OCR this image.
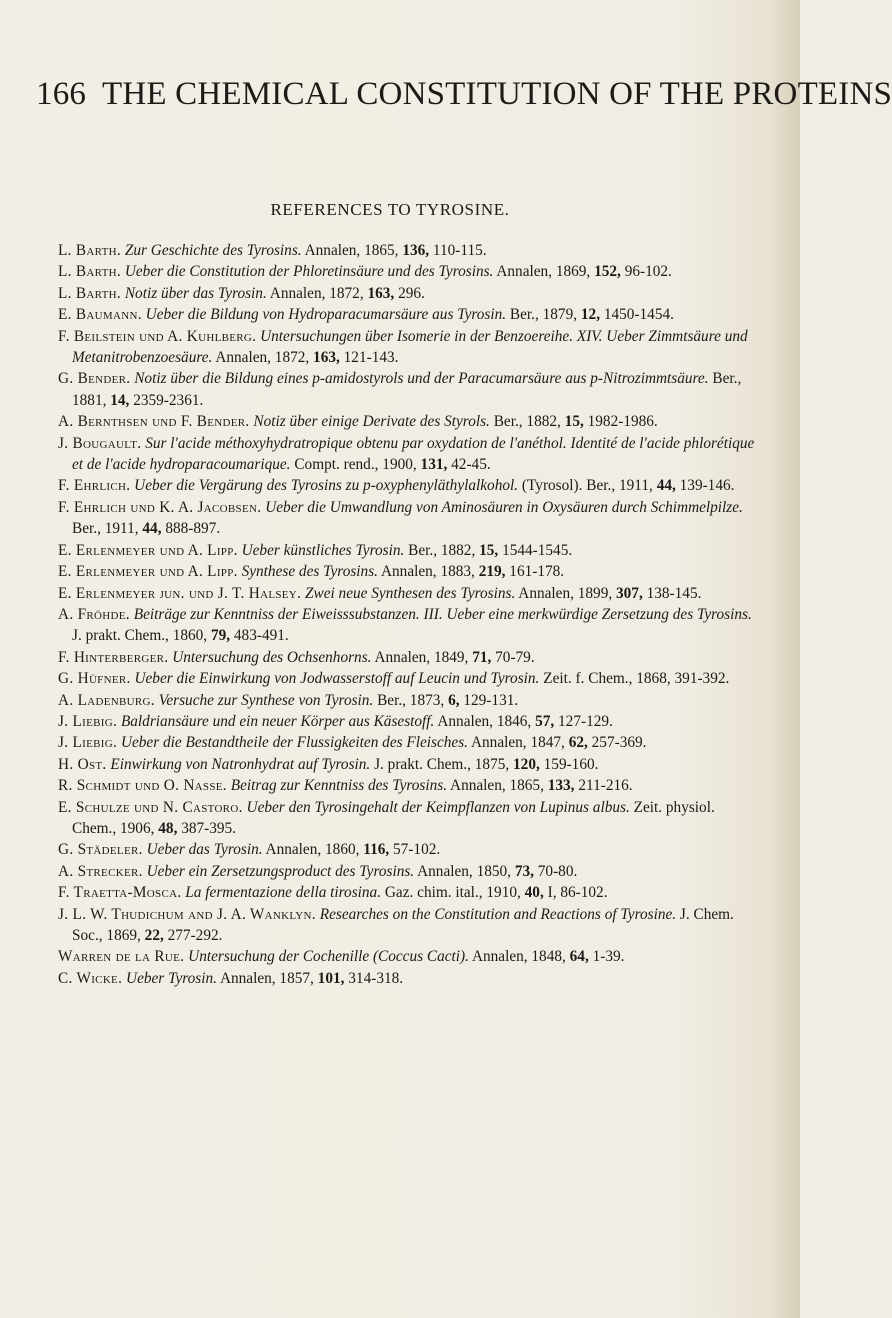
166 THE CHEMICAL CONSTITUTION OF THE PROTEINS
REFERENCES TO TYROSINE.

L. Barth. Zur Geschichte des Tyrosins. Annalen, 1865, 136, 110-115.

L. Barth. Ueber die Constitution der Phloretinsäure und des Tyrosins. Annalen, 1869, 152, 96-102.

L. Barth. Notiz über das Tyrosin. Annalen, 1872, 163, 296.

E. Baumann. Ueber die Bildung von Hydroparacumarsäure aus Tyrosin. Ber., 1879, 12, 1450-1454.

F. Beilstein und A. Kuhlberg. Untersuchungen über Isomerie in der Benzoereihe. XIV. Ueber Zimmtsäure und Metanitrobenzoesäure. Annalen, 1872, 163, 121-143.

G. Bender. Notiz über die Bildung eines p-amidostyrols und der Paracumarsäure aus p-Nitrozimmtsäure. Ber., 1881, 14, 2359-2361.

A. Bernthsen und F. Bender. Notiz über einige Derivate des Styrols. Ber., 1882, 15, 1982-1986.

J. Bougault. Sur l'acide méthoxyhydratropique obtenu par oxydation de l'anéthol. Identité de l'acide phlorétique et de l'acide hydroparacoumarique. Compt. rend., 1900, 131, 42-45.

F. Ehrlich. Ueber die Vergärung des Tyrosins zu p-oxyphenyläthylalkohol. (Tyrosol). Ber., 1911, 44, 139-146.

F. Ehrlich und K. A. Jacobsen. Ueber die Umwandlung von Aminosäuren in Oxysäuren durch Schimmelpilze. Ber., 1911, 44, 888-897.

E. Erlenmeyer und A. Lipp. Ueber künstliches Tyrosin. Ber., 1882, 15, 1544-1545.

E. Erlenmeyer und A. Lipp. Synthese des Tyrosins. Annalen, 1883, 219, 161-178.

E. Erlenmeyer jun. und J. T. Halsey. Zwei neue Synthesen des Tyrosins. Annalen, 1899, 307, 138-145.

A. Fröhde. Beiträge zur Kenntniss der Eiweisssubstanzen. III. Ueber eine merkwürdige Zersetzung des Tyrosins. J. prakt. Chem., 1860, 79, 483-491.

F. Hinterberger. Untersuchung des Ochsenhorns. Annalen, 1849, 71, 70-79.

G. Hüfner. Ueber die Einwirkung von Jodwasserstoff auf Leucin und Tyrosin. Zeit. f. Chem., 1868, 391-392.

A. Ladenburg. Versuche zur Synthese von Tyrosin. Ber., 1873, 6, 129-131.

J. Liebig. Baldriansäure und ein neuer Körper aus Käsestoff. Annalen, 1846, 57, 127-129.

J. Liebig. Ueber die Bestandtheile der Flussigkeiten des Fleisches. Annalen, 1847, 62, 257-369.

H. Ost. Einwirkung von Natronhydrat auf Tyrosin. J. prakt. Chem., 1875, 120, 159-160.

R. Schmidt und O. Nasse. Beitrag zur Kenntniss des Tyrosins. Annalen, 1865, 133, 211-216.

E. Schulze und N. Castoro. Ueber den Tyrosingehalt der Keimpflanzen von Lupinus albus. Zeit. physiol. Chem., 1906, 48, 387-395.

G. Städeler. Ueber das Tyrosin. Annalen, 1860, 116, 57-102.

A. Strecker. Ueber ein Zersetzungsproduct des Tyrosins. Annalen, 1850, 73, 70-80.

F. Traetta-Mosca. La fermentazione della tirosina. Gaz. chim. ital., 1910, 40, I, 86-102.

J. L. W. Thudichum and J. A. Wanklyn. Researches on the Constitution and Reactions of Tyrosine. J. Chem. Soc., 1869, 22, 277-292.

Warren de la Rue. Untersuchung der Cochenille (Coccus Cacti). Annalen, 1848, 64, 1-39.

C. Wicke. Ueber Tyrosin. Annalen, 1857, 101, 314-318.
